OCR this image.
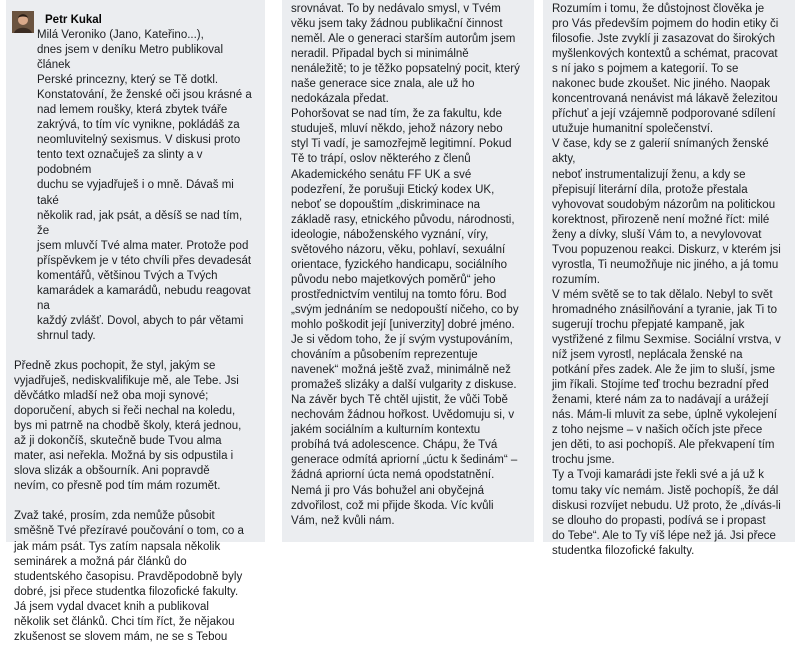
Petr Kukal

Milá Veroniko (Jano, Kateřino...),
dnes jsem v deníku Metro publikoval článek
Perské princezny, který se Tě dotkl.
Konstatování, že ženské oči jsou krásné a
nad lemem roušky, která zbytek tváře
zakrývá, to tím víc vynikne, pokládáš za
neomluvitelný sexismus. V diskusi proto
tento text označuješ za slinty a v podobném
duchu se vyjadřuješ i o mně. Dávaš mi také
několik rad, jak psát, a děsíš se nad tím, že
jsem mluvčí Tvé alma mater. Protože pod
příspěvkem je v této chvíli přes devadesát
komentářů, většinou Tvých a Tvých
kamarádek a kamarádů, nebudu reagovat na
každý zvlášť. Dovol, abych to pár větami
shrnul tady.

Předně zkus pochopit, že styl, jakým se
vyjadřuješ, nediskvalifikuje mě, ale Tebe. Jsi
děvčátko mladší než oba moji synové;
doporučení, abych si řeči nechal na koledu,
bys mi patrně na chodbě školy, která jednou,
až ji dokončíš, skutečně bude Tvou alma
mater, asi neřekla. Možná by sis odpustila i
slova slizák a obšourník. Ani popravdě
nevím, co přesně pod tím mám rozumět.

Zvaž také, prosím, zda nemůže působit
směšně Tvé přezíravé poučování o tom, co a
jak mám psát. Tys zatím napsala několik
seminárek a možná pár článků do
studentského časopisu. Pravděpodobně byly
dobré, jsi přece studentka filozofické fakulty.
Já jsem vydal dvacet knih a publikoval
několik set článků. Chci tím říct, že nějakou
zkušenost se slovem mám, ne se s Tebou

srovnávat. To by nedávalo smysl, v Tvém
věku jsem taky žádnou publikační činnost
neměl. Ale o generaci starším autorům jsem
neradil. Připadal bych si minimálně
nenáležitě; to je těžko popsatelný pocit, který
naše generace sice znala, ale už ho
nedokázala předat.
Pohoršovat se nad tím, že za fakultu, kde
studuješ, mluví někdo, jehož názory nebo
styl Ti vadí, je samozřejmě legitimní. Pokud
Tě to trápí, oslov některého z členů
Akademického senátu FF UK a své
podezření, že porušuji Etický kodex UK,
neboť se dopouštím „diskriminace na
základě rasy, etnického původu, národnosti,
ideologie, náboženského vyznání, víry,
světového názoru, věku, pohlaví, sexuální
orientace, fyzického handicapu, sociálního
původu nebo majetkových poměrů“ jeho
prostřednictvím ventiluj na tomto fóru. Bod
„svým jednáním se nedopouští ničeho, co by
mohlo poškodit její [univerzity] dobré jméno.
Je si vědom toho, že jí svým vystupováním,
chováním a působením reprezentuje
navenek“ možná ještě zvaž, minimálně než
promažeš slizáky a další vulgarity z diskuse.
Na závěr bych Tě chtěl ujistit, že vůči Tobě
nechovám žádnou hořkost. Uvědomuju si, v
jakém sociálním a kulturním kontextu
probíhá tvá adolescence. Chápu, že Tvá
generace odmítá apriorní „úctu k šedinám“ –
žádná apriorní úcta nemá opodstatnění.
Nemá ji pro Vás bohužel ani obyčejná
zdvořilost, což mi přijde škoda. Víc kvůli
Vám, než kvůli nám.

Rozumím i tomu, že důstojnost člověka je
pro Vás především pojmem do hodin etiky či
filosofie. Jste zvyklí ji zasazovat do širokých
myšlenkových kontextů a schémat, pracovat
s ní jako s pojmem a kategorií. To se
nakonec bude zkoušet. Nic jiného. Naopak
koncentrovaná nenávist má lákavě železitou
příchuť a její vzájemně podporované sdílení
utužuje humanitní společenství.
V čase, kdy se z galerií sníman​ých ženské akty,
neboť instrumentalizují ženu, a kdy se
přepisují literární díla, protože přestala
vyhovovat soudobým názorům na politickou
korektnost, přirozeně není možné říct: milé
ženy a dívky, sluší Vám to, a nevylovovat
Tvou popuzenou reakci. Diskurz, v kterém jsi
vyrostla, Ti neumožňuje nic jiného, a já tomu
rozumím.
V mém světě se to tak dělalo. Nebyl to svět
hromadného znásilňování a tyranie, jak Ti to
sugerují trochu přepjaté kampaně, jak
vystřižené z filmu Sexmise. Sociální vrstva, v
níž jsem vyrostl, neplácala ženské na
potkání přes zadek. Ale že jim to sluší, jsme
jim říkali. Stojíme teď trochu bezradní před
ženami, které nám za to nadávají a urážejí
nás. Mám-li mluvit za sebe, úplně vykolejení
z toho nejsme – v našich očích jste přece
jen děti, to asi pochopíš. Ale překvapení tím
trochu jsme.
Ty a Tvoji kamarádi jste řekli své a já už k
tomu taky víc nemám. Jistě pochopíš, že dál
diskusi rozvíjet nebudu. Už proto, že „dívás-li
se dlouho do propasti, podívá se i propast
do Tebe“. Ale to Ty víš lépe než já. Jsi přece
studentka filozofické fakulty.
